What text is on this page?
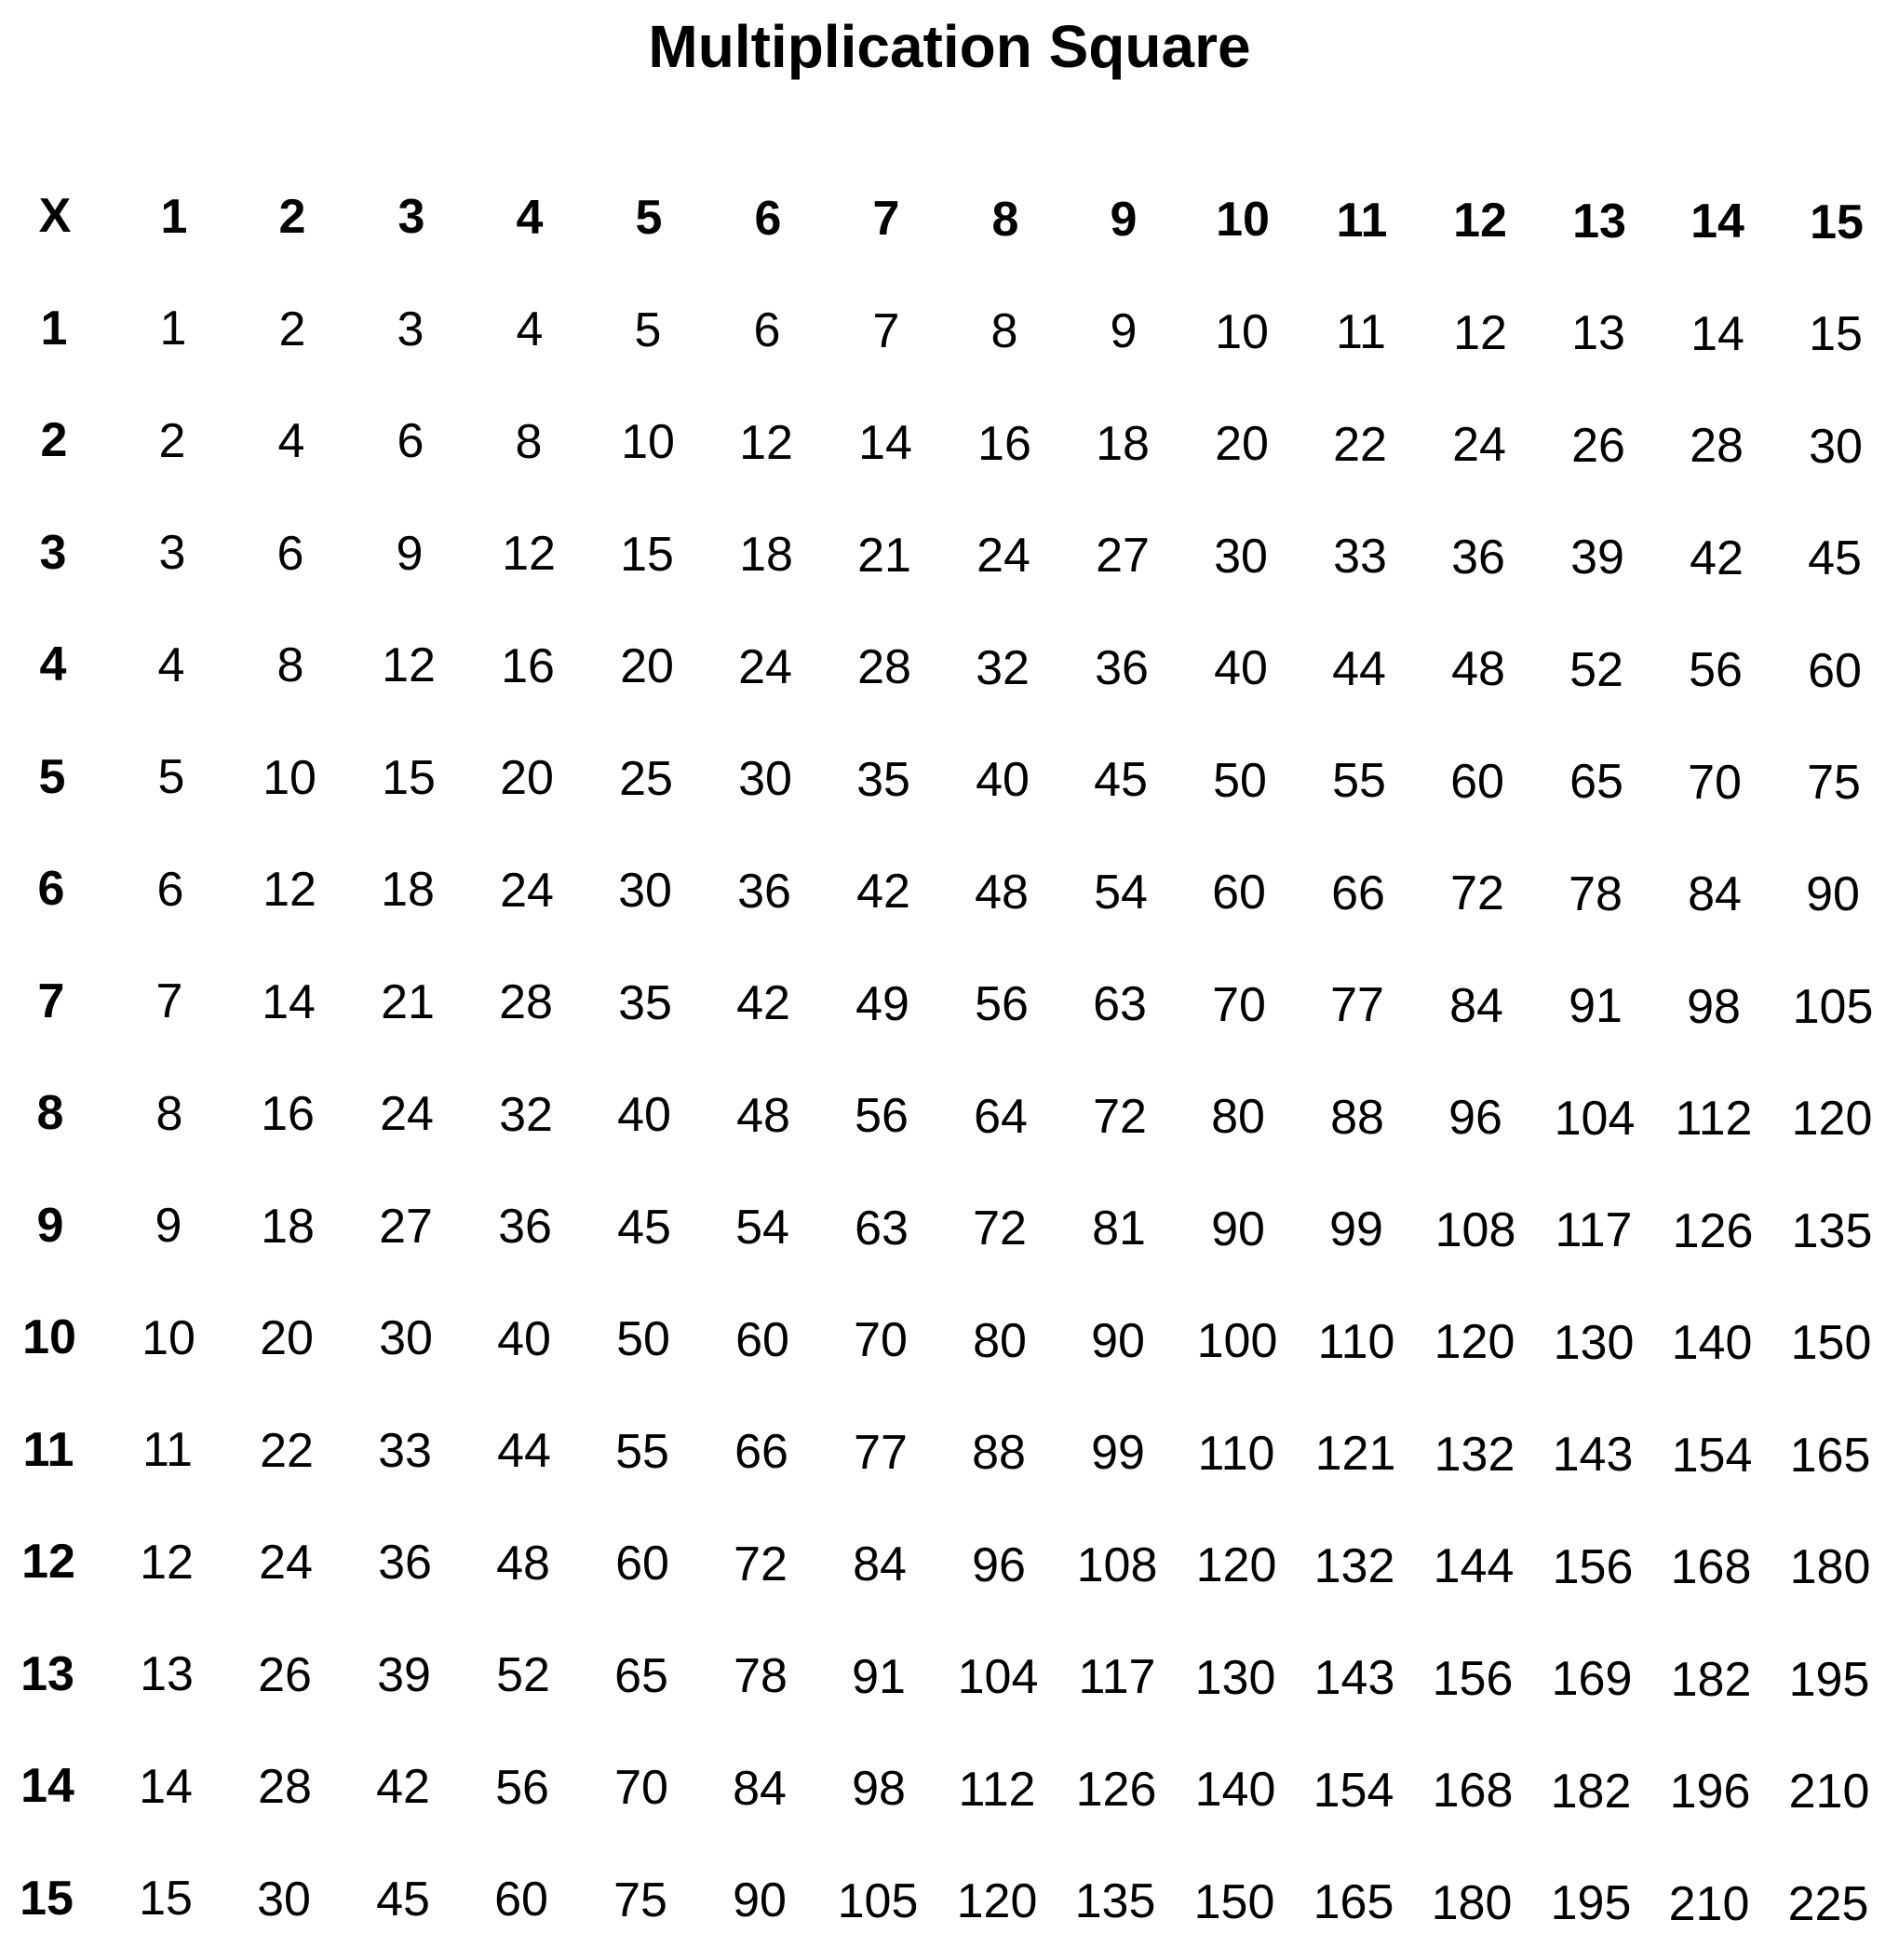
Multiplication Square
X	1	2	3	4	5	6	7	8	9	10	11	12	13	14	15
1	1	2	3	4	5	6	7	8	9	10	11	12	13	14	15
2	2	4	6	8	10	12	14	16	18	20	22	24	26	28	30
3	3	6	9	12	15	18	21	24	27	30	33	36	39	42	45
4	4	8	12	16	20	24	28	32	36	40	44	48	52	56	60
5	5	10	15	20	25	30	35	40	45	50	55	60	65	70	75
6	6	12	18	24	30	36	42	48	54	60	66	72	78	84	90
7	7	14	21	28	35	42	49	56	63	70	77	84	91	98	105
8	8	16	24	32	40	48	56	64	72	80	88	96	104 112 120
9	9	18	27	36	45	54	63	72	81	90	99	108 117 126 135
10	10	20	30	40	50	60	70	80	90	100 110 120 130 140 150
11	11	22	33	44	55	66	77	88	99	110 121 132 143 154 165
12	12	24	36	48	60	72	84	96	108 120 132 144 156 168 180
13	13	26	39	52	65	78	91	104 117 130 143 156 169 182 195
14	14	28	42	56	70	84	98	112 126 140 154 168 182 196 210
15	15	30	45	60	75	90	105 120 135 150 165 180 195 210 225
